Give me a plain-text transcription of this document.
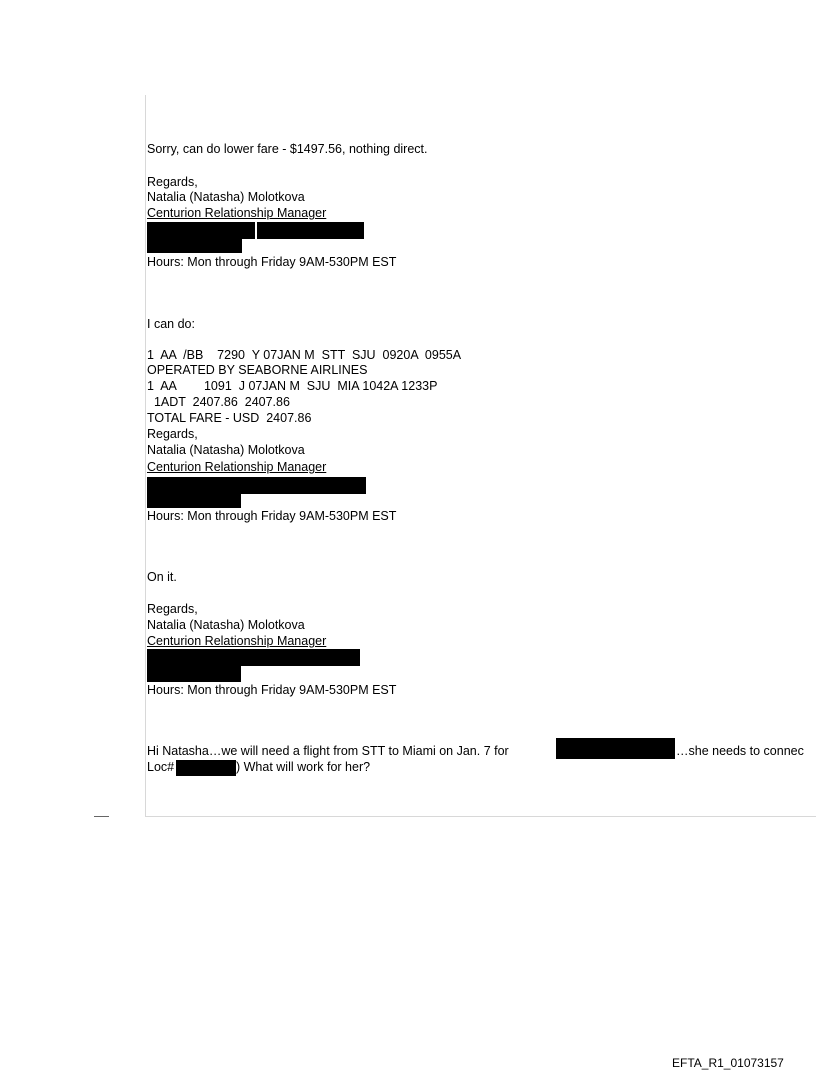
Sorry, can do lower fare - $1497.56, nothing direct.
Regards,
Natalia (Natasha) Molotkova
Centurion Relationship Manager
Hours: Mon through Friday 9AM-530PM EST
I can do:
1  AA  /BB    7290  Y 07JAN M  STT  SJU  0920A  0955A
OPERATED BY SEABORNE AIRLINES
1  AA        1091  J 07JAN M  SJU  MIA 1042A 1233P
1ADT  2407.86  2407.86
TOTAL FARE - USD  2407.86
Regards,
Natalia (Natasha) Molotkova
Centurion Relationship Manager
Hours: Mon through Friday 9AM-530PM EST
On it.
Regards,
Natalia (Natasha) Molotkova
Centurion Relationship Manager
Hours: Mon through Friday 9AM-530PM EST
Hi Natasha…we will need a flight from STT to Miami on Jan. 7 for	…she needs to connec
Loc#	) What will work for her?
EFTA_R1_01073157
